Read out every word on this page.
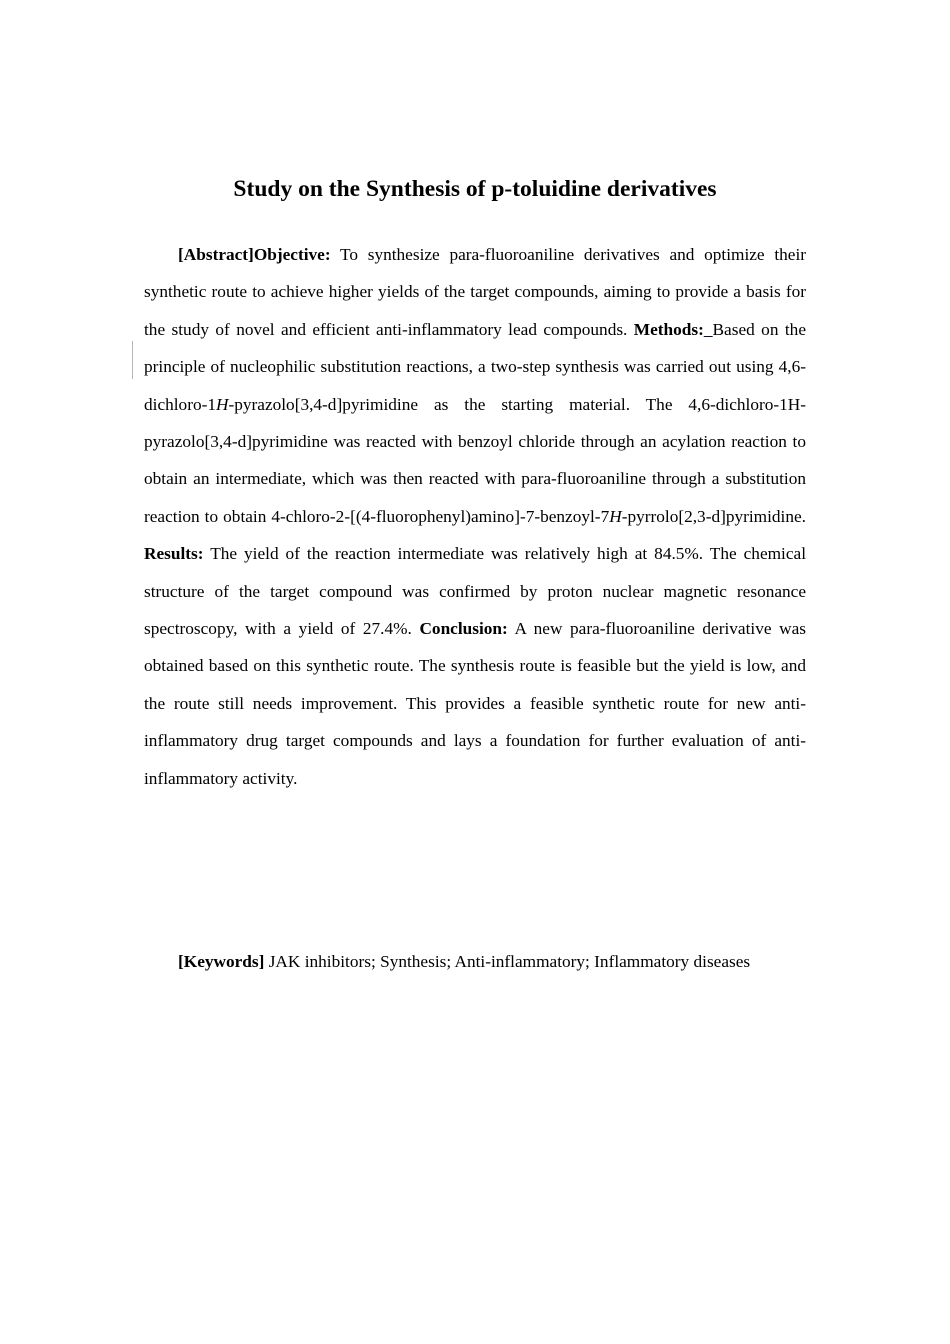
Study on the Synthesis of p-toluidine derivatives

[Abstract]Objective: To synthesize para-fluoroaniline derivatives and optimize their synthetic route to achieve higher yields of the target compounds, aiming to provide a basis for the study of novel and efficient anti-inflammatory lead compounds. Methods:_Based on the principle of nucleophilic substitution reactions, a two-step synthesis was carried out using 4,6-dichloro-1H-pyrazolo[3,4-d]pyrimidine as the starting material. The 4,6-dichloro-1H-pyrazolo[3,4-d]pyrimidine was reacted with benzoyl chloride through an acylation reaction to obtain an intermediate, which was then reacted with para-fluoroaniline through a substitution reaction to obtain 4-chloro-2-[(4-fluorophenyl)amino]-7-benzoyl-7H-pyrrolo[2,3-d]pyrimidine. Results: The yield of the reaction intermediate was relatively high at 84.5%. The chemical structure of the target compound was confirmed by proton nuclear magnetic resonance spectroscopy, with a yield of 27.4%. Conclusion: A new para-fluoroaniline derivative was obtained based on this synthetic route. The synthesis route is feasible but the yield is low, and the route still needs improvement. This provides a feasible synthetic route for new anti-inflammatory drug target compounds and lays a foundation for further evaluation of anti-inflammatory activity.

[Keywords] JAK inhibitors; Synthesis; Anti-inflammatory; Inflammatory diseases
